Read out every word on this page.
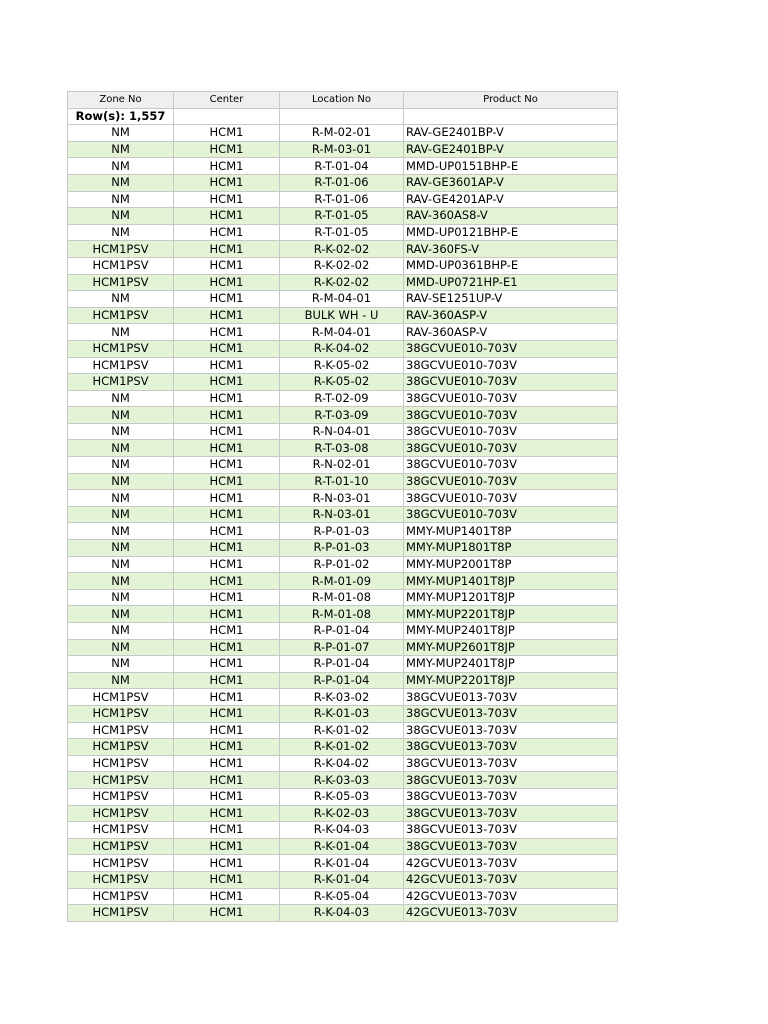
Zone No	Center	Location No	Product No
Row(s): 1,557			
NM	HCM1	R-M-02-01	RAV-GE2401BP-V
NM	HCM1	R-M-03-01	RAV-GE2401BP-V
NM	HCM1	R-T-01-04	MMD-UP0151BHP-E
NM	HCM1	R-T-01-06	RAV-GE3601AP-V
NM	HCM1	R-T-01-06	RAV-GE4201AP-V
NM	HCM1	R-T-01-05	RAV-360AS8-V
NM	HCM1	R-T-01-05	MMD-UP0121BHP-E
HCM1PSV	HCM1	R-K-02-02	RAV-360FS-V
HCM1PSV	HCM1	R-K-02-02	MMD-UP0361BHP-E
HCM1PSV	HCM1	R-K-02-02	MMD-UP0721HP-E1
NM	HCM1	R-M-04-01	RAV-SE1251UP-V
HCM1PSV	HCM1	BULK WH - U	RAV-360ASP-V
NM	HCM1	R-M-04-01	RAV-360ASP-V
HCM1PSV	HCM1	R-K-04-02	38GCVUE010-703V
HCM1PSV	HCM1	R-K-05-02	38GCVUE010-703V
HCM1PSV	HCM1	R-K-05-02	38GCVUE010-703V
NM	HCM1	R-T-02-09	38GCVUE010-703V
NM	HCM1	R-T-03-09	38GCVUE010-703V
NM	HCM1	R-N-04-01	38GCVUE010-703V
NM	HCM1	R-T-03-08	38GCVUE010-703V
NM	HCM1	R-N-02-01	38GCVUE010-703V
NM	HCM1	R-T-01-10	38GCVUE010-703V
NM	HCM1	R-N-03-01	38GCVUE010-703V
NM	HCM1	R-N-03-01	38GCVUE010-703V
NM	HCM1	R-P-01-03	MMY-MUP1401T8P
NM	HCM1	R-P-01-03	MMY-MUP1801T8P
NM	HCM1	R-P-01-02	MMY-MUP2001T8P
NM	HCM1	R-M-01-09	MMY-MUP1401T8JP
NM	HCM1	R-M-01-08	MMY-MUP1201T8JP
NM	HCM1	R-M-01-08	MMY-MUP2201T8JP
NM	HCM1	R-P-01-04	MMY-MUP2401T8JP
NM	HCM1	R-P-01-07	MMY-MUP2601T8JP
NM	HCM1	R-P-01-04	MMY-MUP2401T8JP
NM	HCM1	R-P-01-04	MMY-MUP2201T8JP
HCM1PSV	HCM1	R-K-03-02	38GCVUE013-703V
HCM1PSV	HCM1	R-K-01-03	38GCVUE013-703V
HCM1PSV	HCM1	R-K-01-02	38GCVUE013-703V
HCM1PSV	HCM1	R-K-01-02	38GCVUE013-703V
HCM1PSV	HCM1	R-K-04-02	38GCVUE013-703V
HCM1PSV	HCM1	R-K-03-03	38GCVUE013-703V
HCM1PSV	HCM1	R-K-05-03	38GCVUE013-703V
HCM1PSV	HCM1	R-K-02-03	38GCVUE013-703V
HCM1PSV	HCM1	R-K-04-03	38GCVUE013-703V
HCM1PSV	HCM1	R-K-01-04	38GCVUE013-703V
HCM1PSV	HCM1	R-K-01-04	42GCVUE013-703V
HCM1PSV	HCM1	R-K-01-04	42GCVUE013-703V
HCM1PSV	HCM1	R-K-05-04	42GCVUE013-703V
HCM1PSV	HCM1	R-K-04-03	42GCVUE013-703V
